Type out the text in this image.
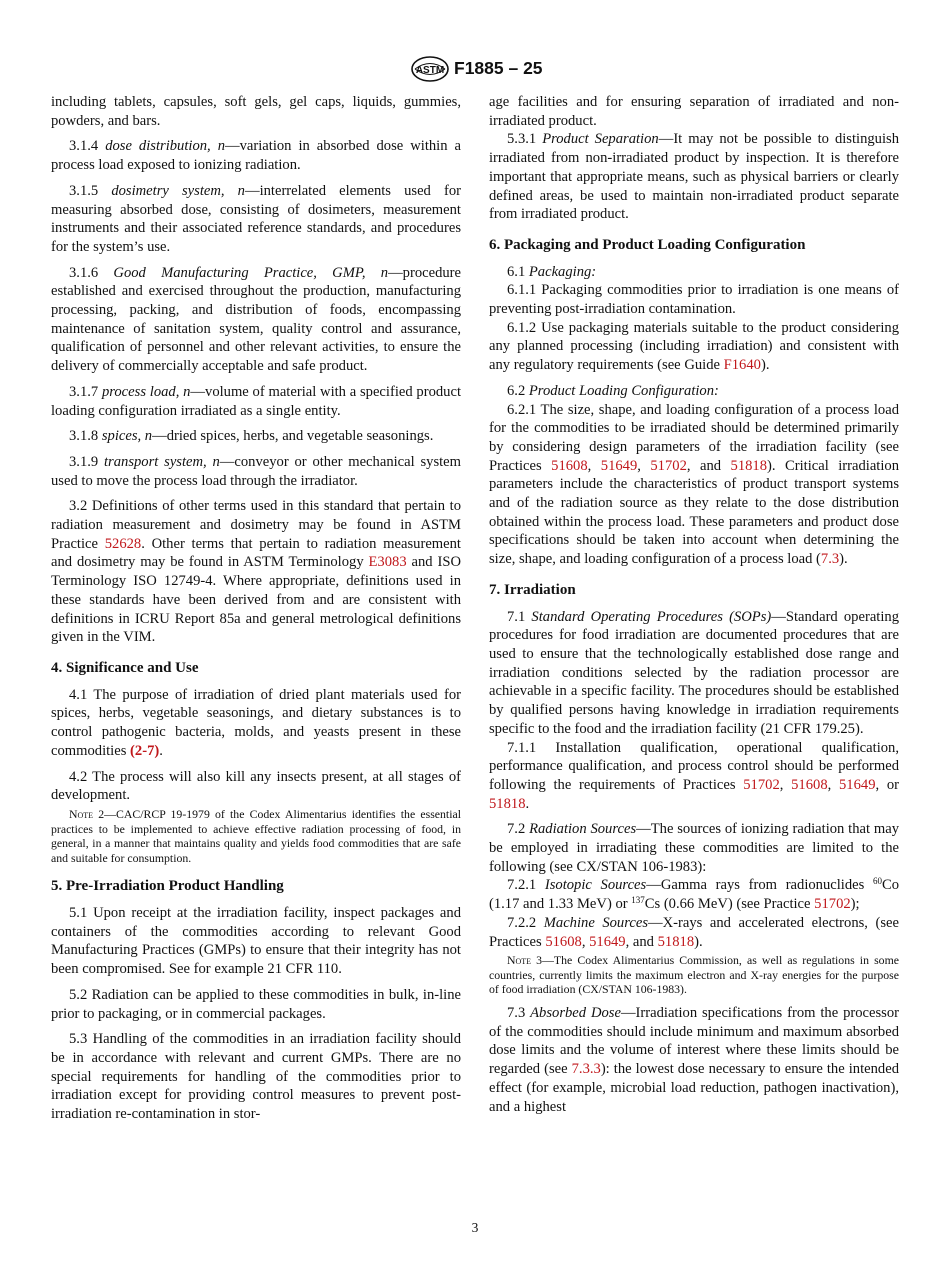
ASTM F1885 – 25

including tablets, capsules, soft gels, gel caps, liquids, gummies, powders, and bars.

3.1.4 dose distribution, n—variation in absorbed dose within a process load exposed to ionizing radiation.

3.1.5 dosimetry system, n—interrelated elements used for measuring absorbed dose, consisting of dosimeters, measurement instruments and their associated reference standards, and procedures for the system’s use.

3.1.6 Good Manufacturing Practice, GMP, n—procedure established and exercised throughout the production, manufacturing processing, packing, and distribution of foods, encompassing maintenance of sanitation system, quality control and assurance, qualification of personnel and other relevant activities, to ensure the delivery of commercially acceptable and safe product.

3.1.7 process load, n—volume of material with a specified product loading configuration irradiated as a single entity.

3.1.8 spices, n—dried spices, herbs, and vegetable seasonings.

3.1.9 transport system, n—conveyor or other mechanical system used to move the process load through the irradiator.

3.2 Definitions of other terms used in this standard that pertain to radiation measurement and dosimetry may be found in ASTM Practice 52628. Other terms that pertain to radiation measurement and dosimetry may be found in ASTM Terminology E3083 and ISO Terminology ISO 12749-4. Where appropriate, definitions used in these standards have been derived from and are consistent with definitions in ICRU Report 85a and general metrological definitions given in the VIM.

4. Significance and Use

4.1 The purpose of irradiation of dried plant materials used for spices, herbs, vegetable seasonings, and dietary substances is to control pathogenic bacteria, molds, and yeasts present in these commodities (2-7).

4.2 The process will also kill any insects present, at all stages of development.

Note 2—CAC/RCP 19-1979 of the Codex Alimentarius identifies the essential practices to be implemented to achieve effective radiation processing of food, in general, in a manner that maintains quality and yields food commodities that are safe and suitable for consumption.

5. Pre-Irradiation Product Handling

5.1 Upon receipt at the irradiation facility, inspect packages and containers of the commodities according to relevant Good Manufacturing Practices (GMPs) to ensure that their integrity has not been compromised. See for example 21 CFR 110.

5.2 Radiation can be applied to these commodities in bulk, in-line prior to packaging, or in commercial packages.

5.3 Handling of the commodities in an irradiation facility should be in accordance with relevant and current GMPs. There are no special requirements for handling of the commodities prior to irradiation except for providing control measures to prevent post-irradiation re-contamination in stor-

age facilities and for ensuring separation of irradiated and non-irradiated product.

5.3.1 Product Separation—It may not be possible to distinguish irradiated from non-irradiated product by inspection. It is therefore important that appropriate means, such as physical barriers or clearly defined areas, be used to maintain non-irradiated product separate from irradiated product.

6. Packaging and Product Loading Configuration

6.1 Packaging:

6.1.1 Packaging commodities prior to irradiation is one means of preventing post-irradiation contamination.

6.1.2 Use packaging materials suitable to the product considering any planned processing (including irradiation) and consistent with any regulatory requirements (see Guide F1640).

6.2 Product Loading Configuration:

6.2.1 The size, shape, and loading configuration of a process load for the commodities to be irradiated should be determined primarily by considering design parameters of the irradiation facility (see Practices 51608, 51649, 51702, and 51818). Critical irradiation parameters include the characteristics of product transport systems and of the radiation source as they relate to the dose distribution obtained within the process load. These parameters and product dose specifications should be taken into account when determining the size, shape, and loading configuration of a process load (7.3).

7. Irradiation

7.1 Standard Operating Procedures (SOPs)—Standard operating procedures for food irradiation are documented procedures that are used to ensure that the technologically established dose range and irradiation conditions selected by the radiation processor are achievable in a specific facility. The procedures should be established by qualified persons having knowledge in irradiation requirements specific to the food and the irradiation facility (21 CFR 179.25).

7.1.1 Installation qualification, operational qualification, performance qualification, and process control should be performed following the requirements of Practices 51702, 51608, 51649, or 51818.

7.2 Radiation Sources—The sources of ionizing radiation that may be employed in irradiating these commodities are limited to the following (see CX/STAN 106-1983):

7.2.1 Isotopic Sources—Gamma rays from radionuclides $^{60}$Co (1.17 and 1.33 MeV) or $^{137}$Cs (0.66 MeV) (see Practice 51702);

7.2.2 Machine Sources—X-rays and accelerated electrons, (see Practices 51608, 51649, and 51818).

Note 3—The Codex Alimentarius Commission, as well as regulations in some countries, currently limits the maximum electron and X-ray energies for the purpose of food irradiation (CX/STAN 106-1983).

7.3 Absorbed Dose—Irradiation specifications from the processor of the commodities should include minimum and maximum absorbed dose limits and the volume of interest where these limits should be regarded (see 7.3.3): the lowest dose necessary to ensure the intended effect (for example, microbial load reduction, pathogen inactivation), and a highest

3
